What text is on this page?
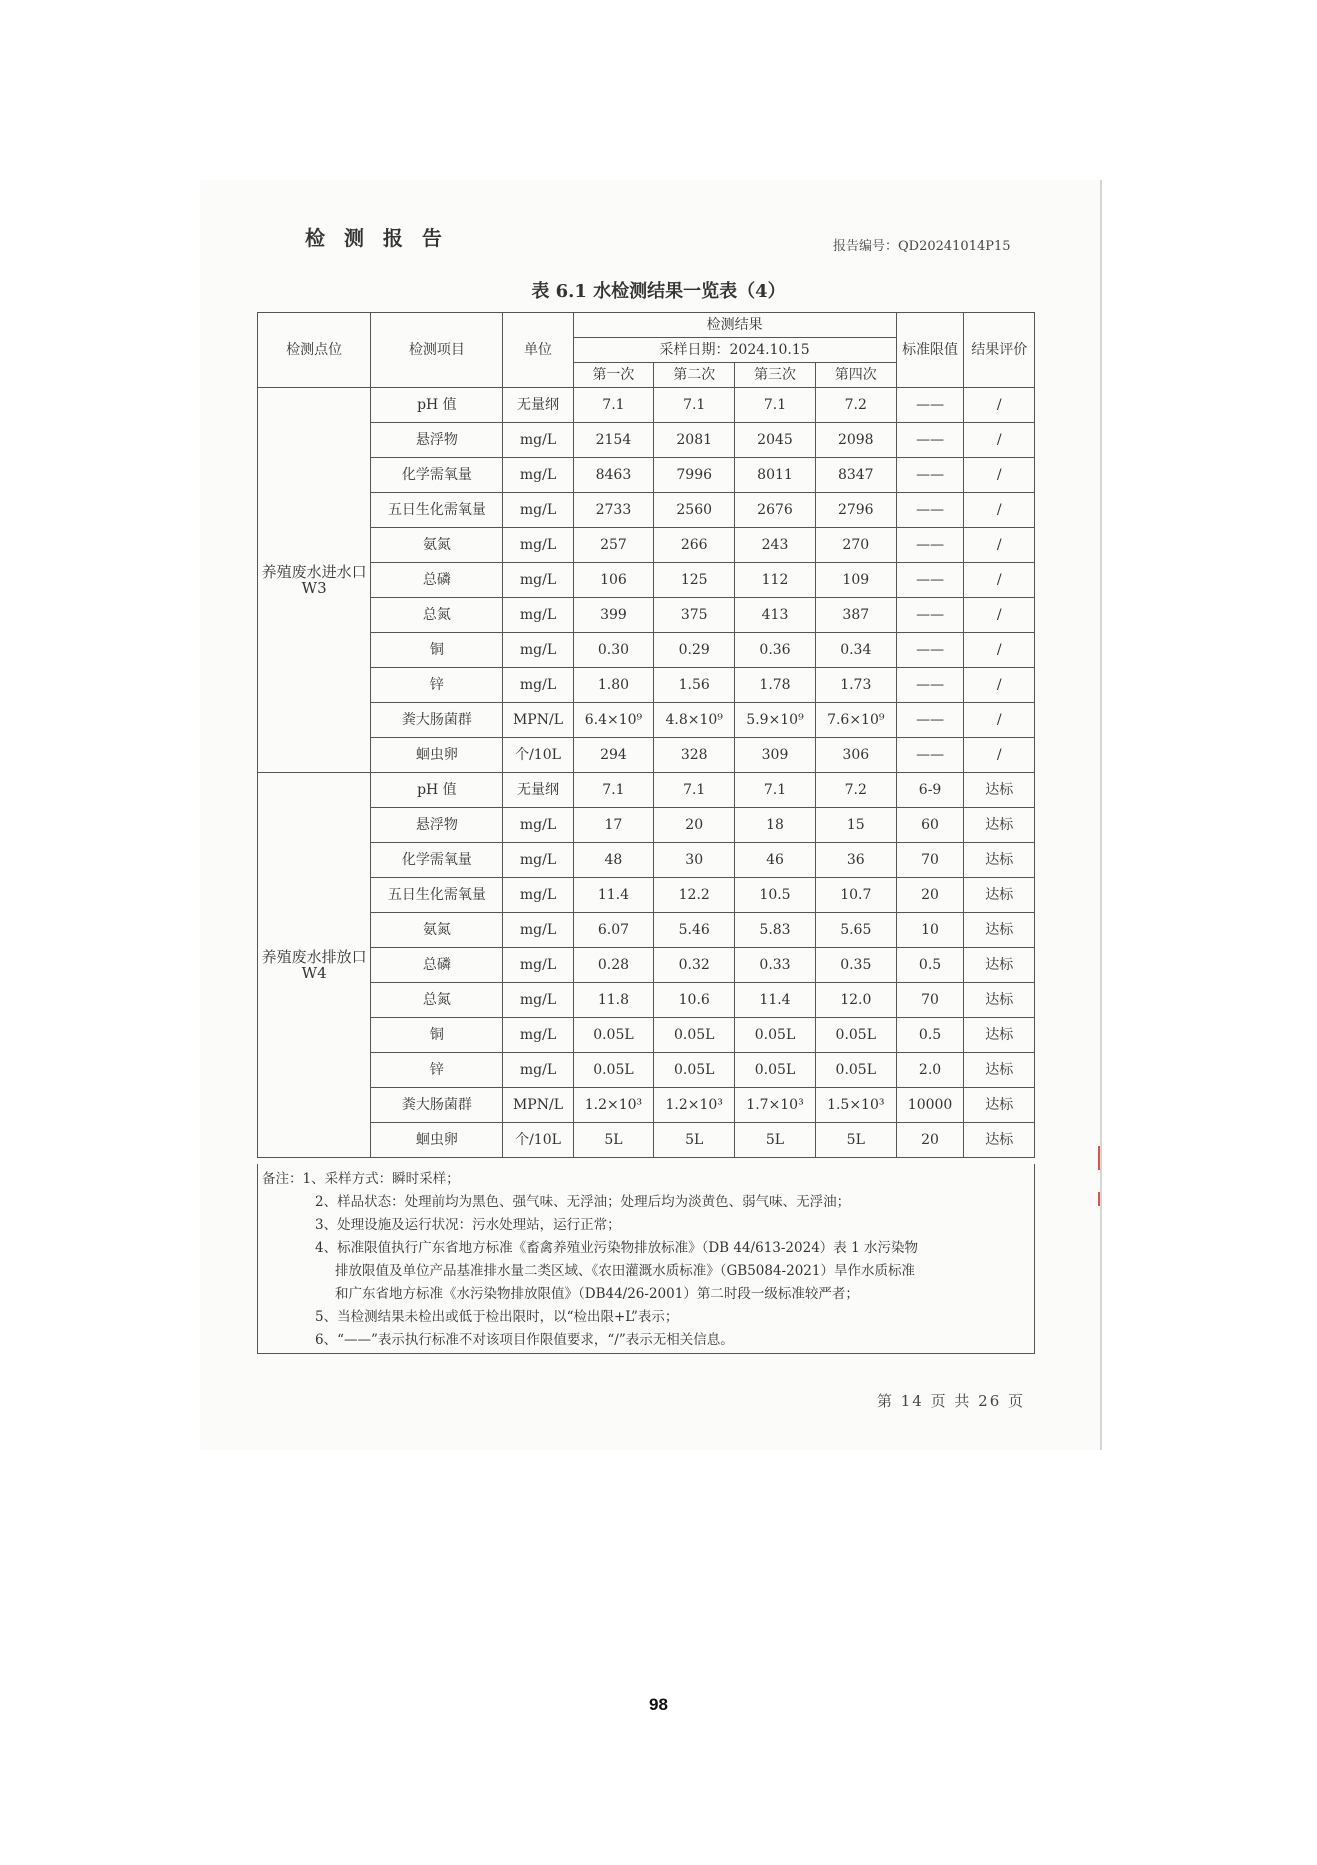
检 测 报 告	报告编号：QD20241014P15
表 6.1 水检测结果一览表（4）
检测点位	检测项目	单位	检测结果				标准限值	结果评价
			采样日期：2024.10.15					
			第一次	第二次	第三次	第四次		
养殖废水进水口 W3	pH 值	无量纲	7.1	7.1	7.1	7.2	——	/
	悬浮物	mg/L	2154	2081	2045	2098	——	/
	化学需氧量	mg/L	8463	7996	8011	8347	——	/
	五日生化需氧量	mg/L	2733	2560	2676	2796	——	/
	氨氮	mg/L	257	266	243	270	——	/
	总磷	mg/L	106	125	112	109	——	/
	总氮	mg/L	399	375	413	387	——	/
	铜	mg/L	0.30	0.29	0.36	0.34	——	/
	锌	mg/L	1.80	1.56	1.78	1.73	——	/
	粪大肠菌群	MPN/L	6.4×10⁹	4.8×10⁹	5.9×10⁹	7.6×10⁹	——	/
	蛔虫卵	个/10L	294	328	309	306	——	/
养殖废水排放口 W4	pH 值	无量纲	7.1	7.1	7.1	7.2	6-9	达标
	悬浮物	mg/L	17	20	18	15	60	达标
	化学需氧量	mg/L	48	30	46	36	70	达标
	五日生化需氧量	mg/L	11.4	12.2	10.5	10.7	20	达标
	氨氮	mg/L	6.07	5.46	5.83	5.65	10	达标
	总磷	mg/L	0.28	0.32	0.33	0.35	0.5	达标
	总氮	mg/L	11.8	10.6	11.4	12.0	70	达标
	铜	mg/L	0.05L	0.05L	0.05L	0.05L	0.5	达标
	锌	mg/L	0.05L	0.05L	0.05L	0.05L	2.0	达标
	粪大肠菌群	MPN/L	1.2×10³	1.2×10³	1.7×10³	1.5×10³	10000	达标
	蛔虫卵	个/10L	5L	5L	5L	5L	20	达标
备注：1、采样方式：瞬时采样；
2、样品状态：处理前均为黑色、强气味、无浮油；处理后均为淡黄色、弱气味、无浮油；
3、处理设施及运行状况：污水处理站，运行正常；
4、标准限值执行广东省地方标准《畜禽养殖业污染物排放标准》（DB 44/613-2024）表 1 水污染物
排放限值及单位产品基准排水量二类区域、《农田灌溉水质标准》（GB5084-2021）旱作水质标准
和广东省地方标准《水污染物排放限值》（DB44/26-2001）第二时段一级标准较严者；
5、当检测结果未检出或低于检出限时，以“检出限+L”表示；
6、“——”表示执行标准不对该项目作限值要求，“/”表示无相关信息。
第 14 页 共 26 页
98
